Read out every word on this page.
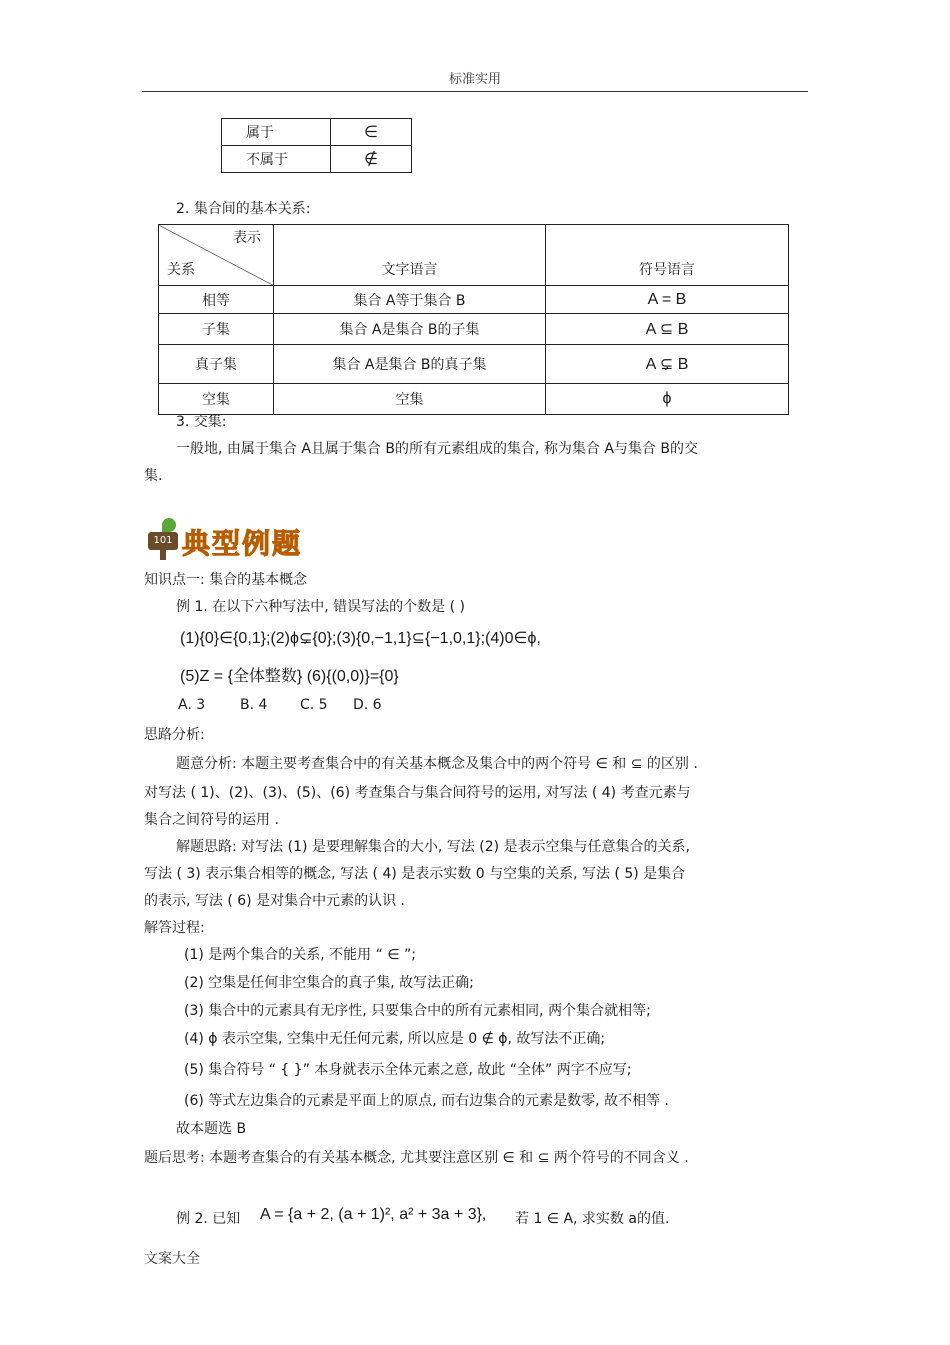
标准实用
属于	∈
不属于	∉
2. 集合间的基本关系:
表示
关系	文字语言	符号语言
相等	集合 A等于集合 B	A = B
子集	集合 A是集合 B的子集	A ⊆ B
真子集	集合 A是集合 B的真子集	A ⊊ B
空集	空集	ϕ
3. 交集:
一般地, 由属于集合 A且属于集合 B的所有元素组成的集合, 称为集合 A与集合 B的交
集.
101 典型例题
知识点一: 集合的基本概念
例 1. 在以下六种写法中, 错误写法的个数是 ( )
(1){0}∈{0,1};(2)ϕ⊊{0};(3){0,−1,1}⊆{−1,0,1};(4)0∈ϕ,
(5)Z = {全体整数} (6){(0,0)}={0}
A. 3 B. 4 C. 5 D. 6
思路分析:
题意分析: 本题主要考查集合中的有关基本概念及集合中的两个符号 ∈ 和 ⊆ 的区别 .
对写法 ( 1)、(2)、(3)、(5)、(6) 考查集合与集合间符号的运用, 对写法 ( 4) 考查元素与
集合之间符号的运用 .
解题思路: 对写法 (1) 是要理解集合的大小, 写法 (2) 是表示空集与任意集合的关系,
写法 ( 3) 表示集合相等的概念, 写法 ( 4) 是表示实数 0 与空集的关系, 写法 ( 5) 是集合
的表示, 写法 ( 6) 是对集合中元素的认识 .
解答过程:
(1) 是两个集合的关系, 不能用 “ ∈ ”;
(2) 空集是任何非空集合的真子集, 故写法正确;
(3) 集合中的元素具有无序性, 只要集合中的所有元素相同, 两个集合就相等;
(4) ϕ 表示空集, 空集中无任何元素, 所以应是 0 ∉ ϕ, 故写法不正确;
(5) 集合符号 “ { }” 本身就表示全体元素之意, 故此 “全体” 两字不应写;
(6) 等式左边集合的元素是平面上的原点, 而右边集合的元素是数零, 故不相等 .
故本题选 B
题后思考: 本题考查集合的有关基本概念, 尤其要注意区别 ∈ 和 ⊆ 两个符号的不同含义 .
例 2. 已知 A = {a + 2, (a + 1)², a² + 3a + 3}, 若 1 ∈ A, 求实数 a的值.
文案大全
